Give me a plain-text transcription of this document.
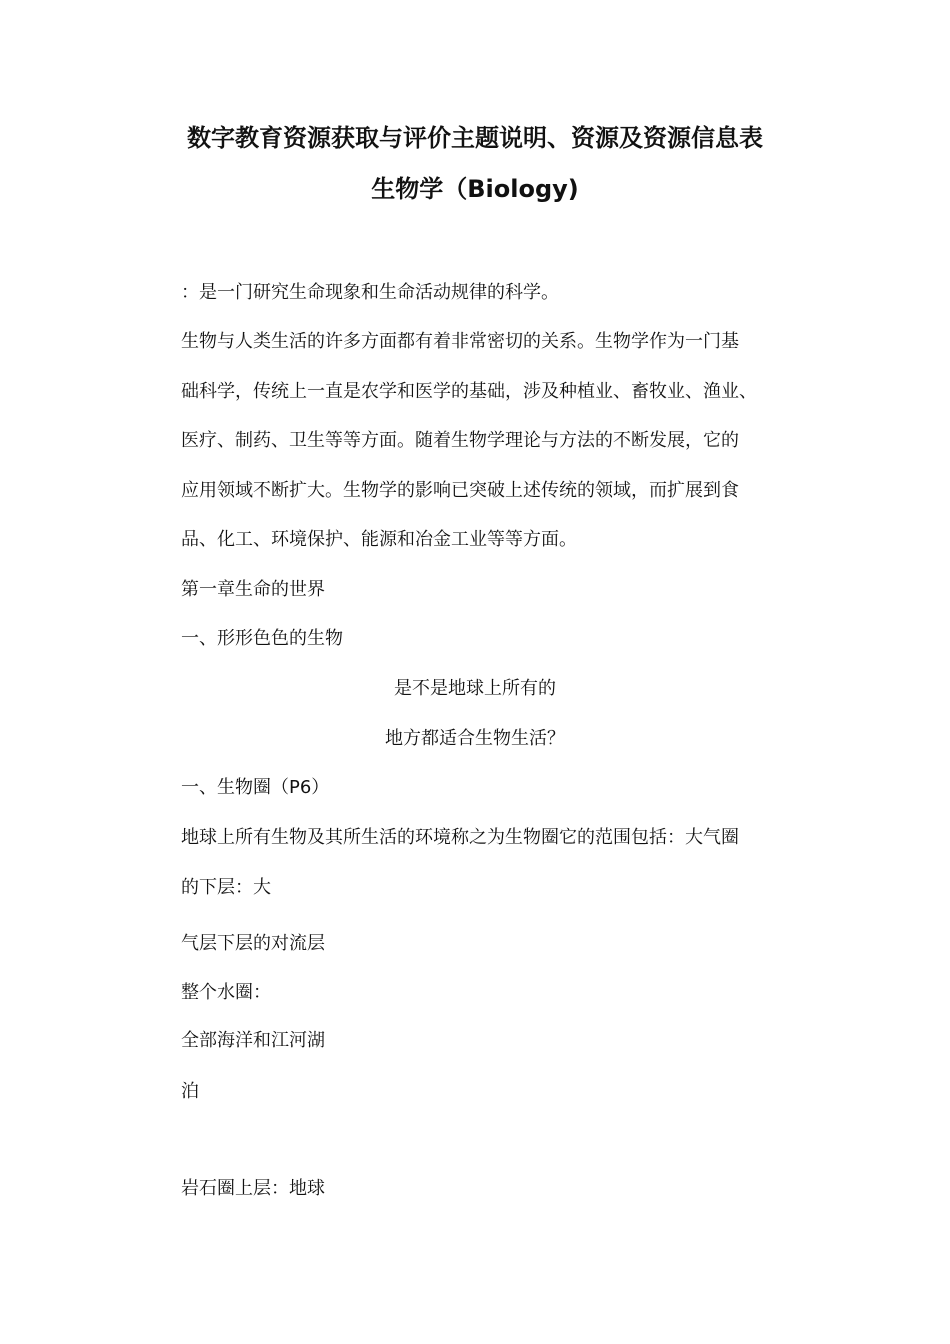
数字教育资源获取与评价主题说明、资源及资源信息表
生物学（Biology)
：是一门研究生命现象和生命活动规律的科学。
生物与人类生活的许多方面都有着非常密切的关系。生物学作为一门基
础科学，传统上一直是农学和医学的基础，涉及种植业、畜牧业、渔业、
医疗、制药、卫生等等方面。随着生物学理论与方法的不断发展，它的
应用领域不断扩大。生物学的影响已突破上述传统的领域，而扩展到食
品、化工、环境保护、能源和冶金工业等等方面。
第一章生命的世界
一、形形色色的生物
是不是地球上所有的
地方都适合生物生活？
一、生物圈（P6）
地球上所有生物及其所生活的环境称之为生物圈它的范围包括：大气圈
的下层：大
气层下层的对流层
整个水圈：
全部海洋和江河湖
泊
岩石圈上层：地球
